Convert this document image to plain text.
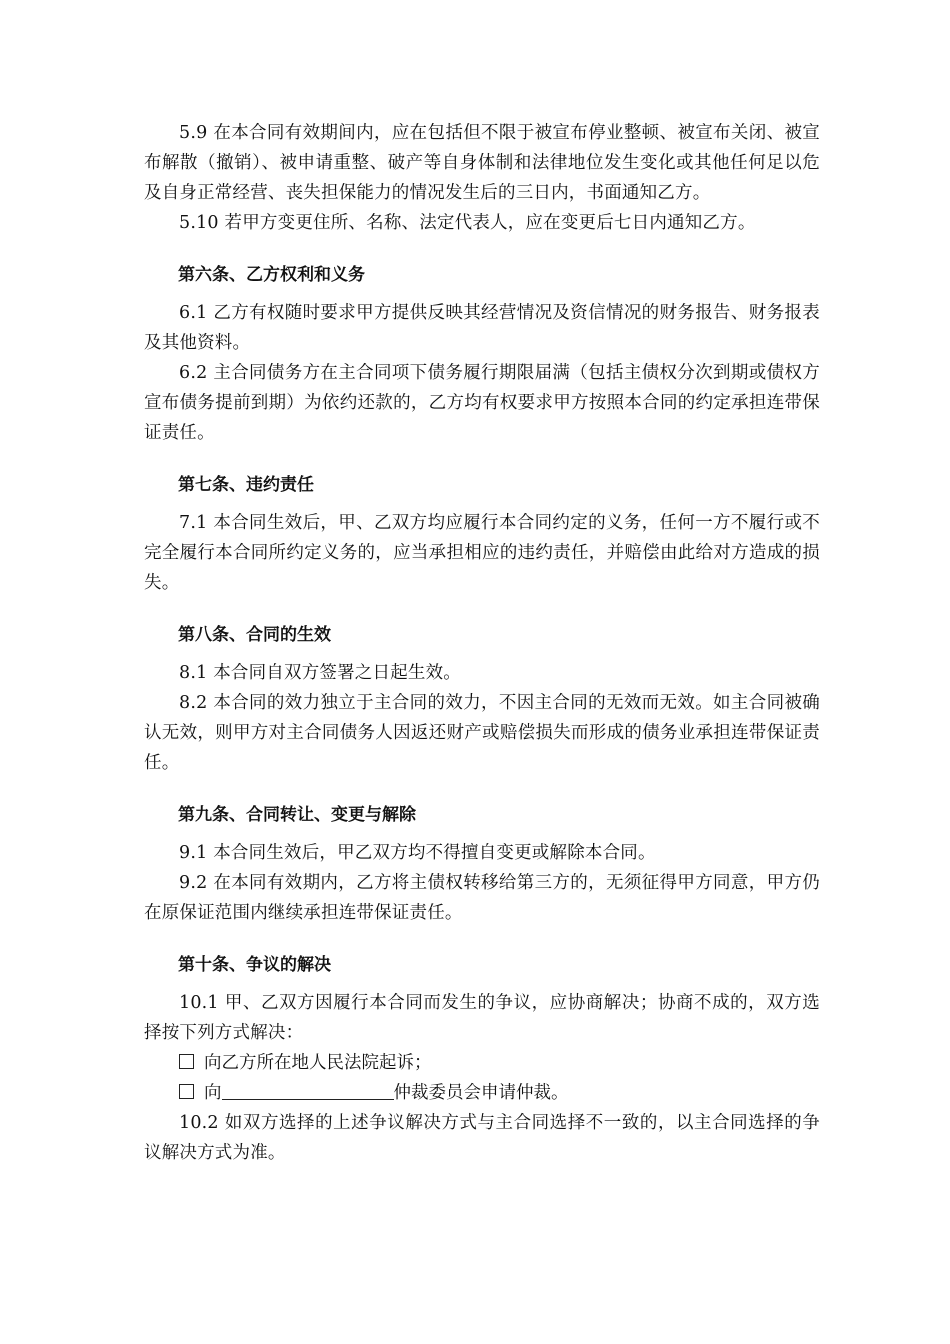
5.9 在本合同有效期间内，应在包括但不限于被宣布停业整顿、被宣布关闭、被宣布解散（撤销）、被申请重整、破产等自身体制和法律地位发生变化或其他任何足以危及自身正常经营、丧失担保能力的情况发生后的三日内，书面通知乙方。

5.10 若甲方变更住所、名称、法定代表人，应在变更后七日内通知乙方。

第六条、乙方权利和义务

6.1 乙方有权随时要求甲方提供反映其经营情况及资信情况的财务报告、财务报表及其他资料。

6.2 主合同债务方在主合同项下债务履行期限届满（包括主债权分次到期或债权方宣布债务提前到期）为依约还款的，乙方均有权要求甲方按照本合同的约定承担连带保证责任。

第七条、违约责任

7.1 本合同生效后，甲、乙双方均应履行本合同约定的义务，任何一方不履行或不完全履行本合同所约定义务的，应当承担相应的违约责任，并赔偿由此给对方造成的损失。

第八条、合同的生效

8.1 本合同自双方签署之日起生效。

8.2 本合同的效力独立于主合同的效力，不因主合同的无效而无效。如主合同被确认无效，则甲方对主合同债务人因返还财产或赔偿损失而形成的债务业承担连带保证责任。

第九条、合同转让、变更与解除

9.1 本合同生效后，甲乙双方均不得擅自变更或解除本合同。

9.2 在本同有效期内，乙方将主债权转移给第三方的，无须征得甲方同意，甲方仍在原保证范围内继续承担连带保证责任。

第十条、争议的解决

10.1 甲、乙双方因履行本合同而发生的争议，应协商解决；协商不成的，双方选择按下列方式解决：

向乙方所在地人民法院起诉；

向	仲裁委员会申请仲裁。

10.2 如双方选择的上述争议解决方式与主合同选择不一致的，以主合同选择的争议解决方式为准。
